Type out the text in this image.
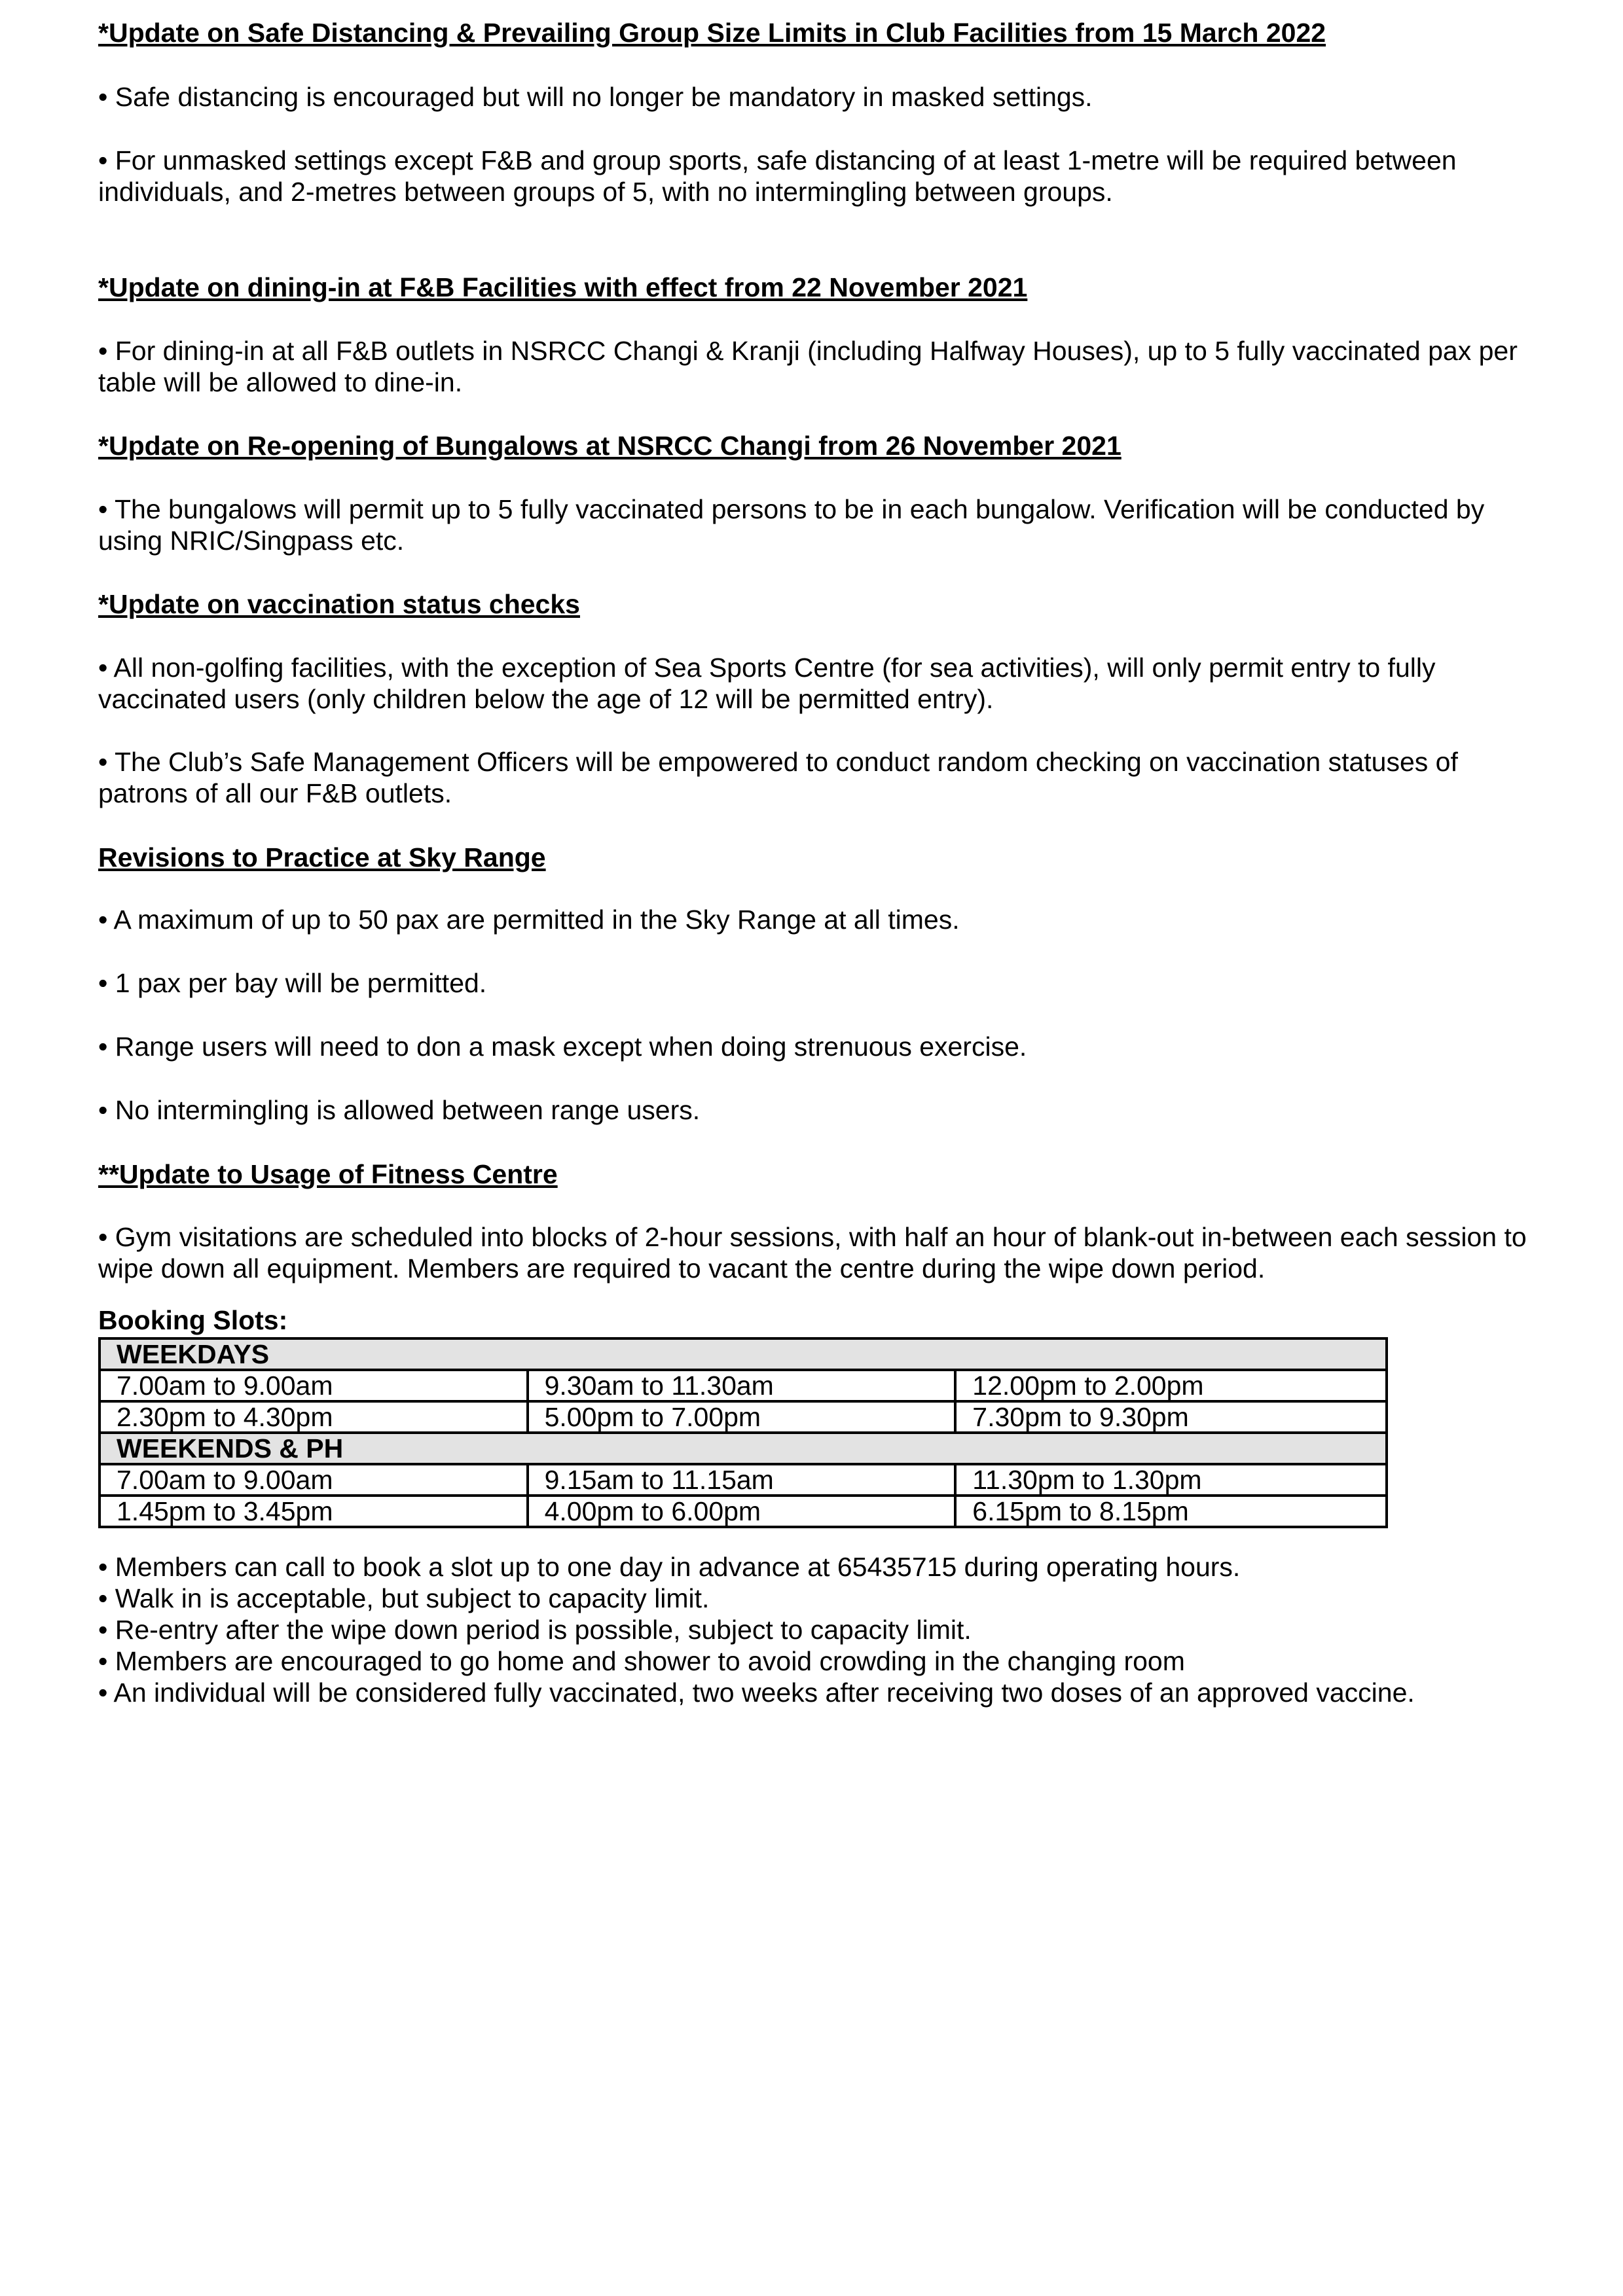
*Update on Safe Distancing & Prevailing Group Size Limits in Club Facilities from 15 March 2022
• Safe distancing is encouraged but will no longer be mandatory in masked settings.
• For unmasked settings except F&B and group sports, safe distancing of at least 1-metre will be required between individuals, and 2-metres between groups of 5, with no intermingling between groups.
*Update on dining-in at F&B Facilities with effect from 22 November 2021
• For dining-in at all F&B outlets in NSRCC Changi & Kranji (including Halfway Houses), up to 5 fully vaccinated pax per table will be allowed to dine-in.
*Update on Re-opening of Bungalows at NSRCC Changi from 26 November 2021
• The bungalows will permit up to 5 fully vaccinated persons to be in each bungalow. Verification will be conducted by using NRIC/Singpass etc.
*Update on vaccination status checks
• All non-golfing facilities, with the exception of Sea Sports Centre (for sea activities), will only permit entry to fully vaccinated users (only children below the age of 12 will be permitted entry).
• The Club’s Safe Management Officers will be empowered to conduct random checking on vaccination statuses of patrons of all our F&B outlets.
Revisions to Practice at Sky Range
• A maximum of up to 50 pax are permitted in the Sky Range at all times.
• 1 pax per bay will be permitted.
• Range users will need to don a mask except when doing strenuous exercise.
• No intermingling is allowed between range users.
**Update to Usage of Fitness Centre
• Gym visitations are scheduled into blocks of 2-hour sessions, with half an hour of blank-out in-between each session to wipe down all equipment. Members are required to vacant the centre during the wipe down period.
Booking Slots:
WEEKDAYS		
7.00am to 9.00am	9.30am to 11.30am	12.00pm to 2.00pm
2.30pm to 4.30pm	5.00pm to 7.00pm	7.30pm to 9.30pm
WEEKENDS & PH		
7.00am to 9.00am	9.15am to 11.15am	11.30pm to 1.30pm
1.45pm to 3.45pm	4.00pm to 6.00pm	6.15pm to 8.15pm
• Members can call to book a slot up to one day in advance at 65435715 during operating hours.
• Walk in is acceptable, but subject to capacity limit.
• Re-entry after the wipe down period is possible, subject to capacity limit.
• Members are encouraged to go home and shower to avoid crowding in the changing room
• An individual will be considered fully vaccinated, two weeks after receiving two doses of an approved vaccine.
